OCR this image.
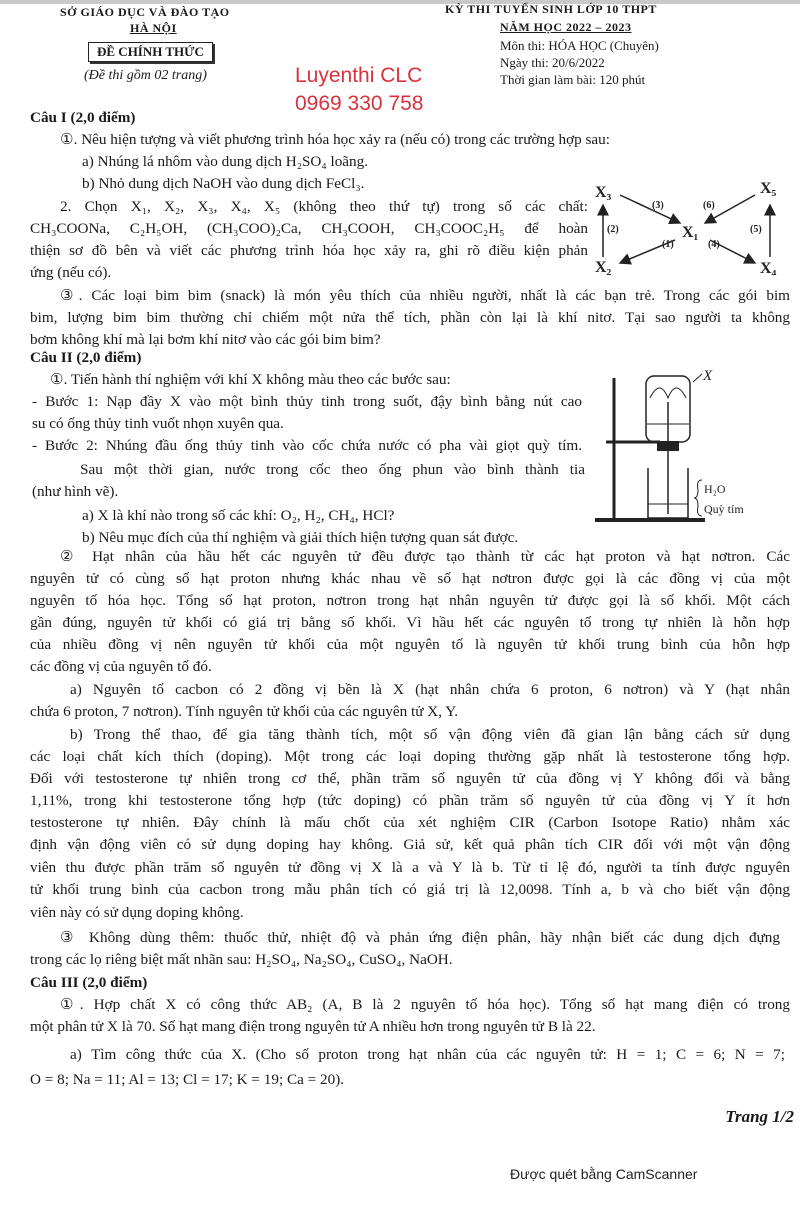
SỞ GIÁO DỤC VÀ ĐÀO TẠO
HÀ NỘI
ĐỀ CHÍNH THỨC
(Đề thi gồm 02 trang)
KỲ THI TUYỂN SINH LỚP 10 THPT
NĂM HỌC 2022 – 2023
Môn thi: HÓA HỌC (Chuyên)
Ngày thi: 20/6/2022
Thời gian làm bài: 120 phút
Luyenthi CLC
0969 330 758
Câu I (2,0 điểm)
①. Nêu hiện tượng và viết phương trình hóa học xảy ra (nếu có) trong các trường hợp sau:
a) Nhúng lá nhôm vào dung dịch H₂SO₄ loãng.
b) Nhỏ dung dịch NaOH vào dung dịch FeCl₃.
2. Chọn X₁, X₂, X₃, X₄, X₅ (không theo thứ tự) trong số các chất:
CH₃COONa, C₂H₅OH, (CH₃COO)₂Ca, CH₃COOH, CH₃COOC₂H₅ để hoàn
thiện sơ đồ bên và viết các phương trình hóa học xảy ra, ghi rõ điều kiện phản
ứng (nếu có).
③. Các loại bim bim (snack) là món yêu thích của nhiều người, nhất là các bạn trẻ. Trong các gói bim
bim, lượng bim bim thường chỉ chiếm một nửa thể tích, phần còn lại là khí nitơ. Tại sao người ta không
bơm không khí mà lại bơm khí nitơ vào các gói bim bim?
Câu II (2,0 điểm)
①. Tiến hành thí nghiệm với khí X không màu theo các bước sau:
- Bước 1: Nạp đầy X vào một bình thủy tinh trong suốt, đậy bình bằng nút cao
su có ống thủy tinh vuốt nhọn xuyên qua.
- Bước 2: Nhúng đầu ống thủy tinh vào cốc chứa nước có pha vài giọt quỳ tím.
Sau một thời gian, nước trong cốc theo ống phun vào bình thành tia
(như hình vẽ).
a) X là khí nào trong số các khí: O₂, H₂, CH₄, HCl?
b) Nêu mục đích của thí nghiệm và giải thích hiện tượng quan sát được.
② Hạt nhân của hầu hết các nguyên tử đều được tạo thành từ các hạt proton và hạt nơtron. Các
nguyên tử có cùng số hạt proton nhưng khác nhau về số hạt nơtron được gọi là các đồng vị của một
nguyên tố hóa học. Tổng số hạt proton, nơtron trong hạt nhân nguyên tử được gọi là số khối. Một cách
gần đúng, nguyên tử khối có giá trị bằng số khối. Vì hầu hết các nguyên tố trong tự nhiên là hỗn hợp
của nhiều đồng vị nên nguyên tử khối của một nguyên tố là nguyên tử khối trung bình của hỗn hợp
các đồng vị của nguyên tố đó.
a) Nguyên tố cacbon có 2 đồng vị bền là X (hạt nhân chứa 6 proton, 6 nơtron) và Y (hạt nhân
chứa 6 proton, 7 nơtron). Tính nguyên tử khối của các nguyên tử X, Y.
b) Trong thể thao, để gia tăng thành tích, một số vận động viên đã gian lận bằng cách sử dụng
các loại chất kích thích (doping). Một trong các loại doping thường gặp nhất là testosterone tổng hợp.
Đối với testosterone tự nhiên trong cơ thể, phần trăm số nguyên tử của đồng vị Y không đổi và bằng
1,11%, trong khi testosterone tổng hợp (tức doping) có phần trăm số nguyên tử của đồng vị Y ít hơn
testosterone tự nhiên. Đây chính là mấu chốt của xét nghiệm CIR (Carbon Isotope Ratio) nhằm xác
định vận động viên có sử dụng doping hay không. Giả sử, kết quả phân tích CIR đối với một vận động
viên thu được phần trăm số nguyên tử đồng vị X là a và Y là b. Từ tỉ lệ đó, người ta tính được nguyên
tử khối trung bình của cacbon trong mẫu phân tích có giá trị là 12,0098. Tính a, b và cho biết vận động
viên này có sử dụng doping không.
③ Không dùng thêm: thuốc thử, nhiệt độ và phản ứng điện phân, hãy nhận biết các dung dịch đựng
trong các lọ riêng biệt mất nhãn sau: H₂SO₄, Na₂SO₄, CuSO₄, NaOH.
Câu III (2,0 điểm)
①. Hợp chất X có công thức AB₂ (A, B là 2 nguyên tố hóa học). Tổng số hạt mang điện có trong
một phân tử X là 70. Số hạt mang điện trong nguyên tử A nhiều hơn trong nguyên tử B là 22.
a) Tìm công thức của X. (Cho số proton trong hạt nhân của các nguyên tử: H = 1; C = 6; N = 7;
O = 8; Na = 11; Al = 13; Cl = 17; K = 19; Ca = 20).
X₃	X₅
X₁
X₂	X₄
(3)	(6)
(1)	(4)
(2)	(5)
X
H₂O
Quỳ tím
Trang 1/2
Được quét bằng CamScanner
